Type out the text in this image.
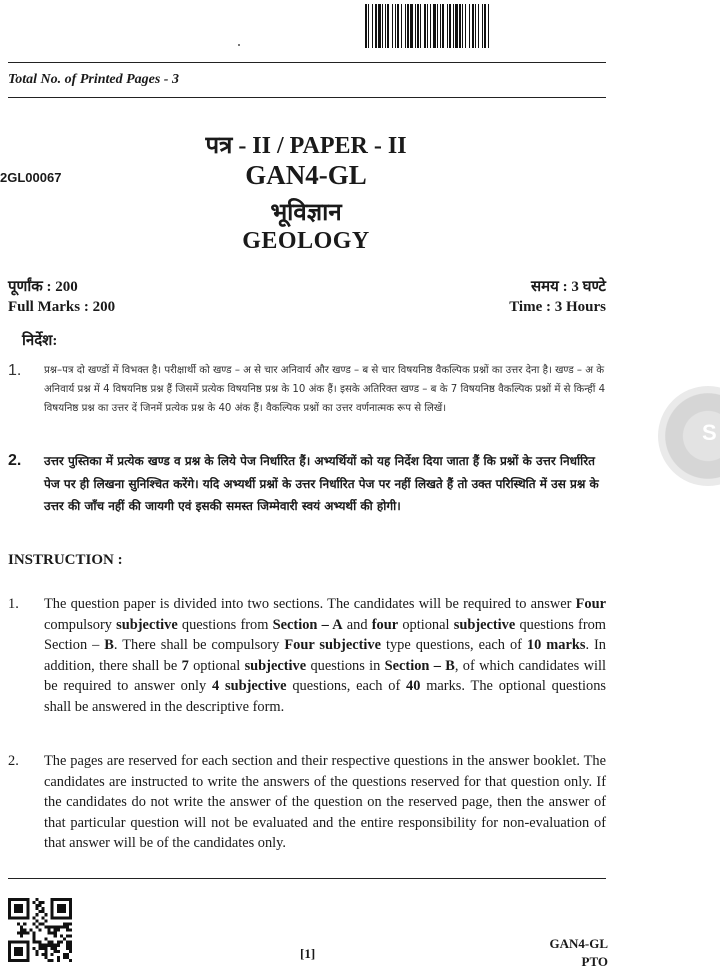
Total No. of Printed Pages - 3
पत्र - II / PAPER - II
2GL00067	GAN4-GL
भूविज्ञान
GEOLOGY
पूर्णांक : 200
Full Marks : 200
समय : 3 घण्टे
Time : 3 Hours
निर्देश:
1. प्रश्न–पत्र दो खण्डों में विभक्त है। परीक्षार्थी को खण्ड – अ से चार अनिवार्य और खण्ड – ब से चार विषयनिष्ठ वैकल्पिक प्रश्नों का उत्तर देना है। खण्ड – अ के अनिवार्य प्रश्न में 4 विषयनिष्ठ प्रश्न हैं जिसमें प्रत्येक विषयनिष्ठ प्रश्न के 10 अंक हैं। इसके अतिरिक्त खण्ड – ब के 7 विषयनिष्ठ वैकल्पिक प्रश्नों में से किन्हीं 4 विषयनिष्ठ प्रश्न का उत्तर दें जिनमें प्रत्येक प्रश्न के 40 अंक हैं। वैकल्पिक प्रश्नों का उत्तर वर्णनात्मक रूप से लिखें।
2. उत्तर पुस्तिका में प्रत्येक खण्ड व प्रश्न के लिये पेज निर्धारित हैं। अभ्यर्थियों को यह निर्देश दिया जाता हैं कि प्रश्नों के उत्तर निर्धारित पेज पर ही लिखना सुनिश्चित करेंगे। यदि अभ्यर्थी प्रश्नों के उत्तर निर्धारित पेज पर नहीं लिखते हैं तो उक्त परिस्थिति में उस प्रश्न के उत्तर की जाँच नहीं की जायगी एवं इसकी समस्त जिम्मेवारी स्वयं अभ्यर्थी की होगी।
S
INSTRUCTION :
1. The question paper is divided into two sections. The candidates will be required to answer Four compulsory subjective questions from Section – A and four optional subjective questions from Section – B. There shall be compulsory Four subjective type questions, each of 10 marks. In addition, there shall be 7 optional subjective questions in Section – B, of which candidates will be required to answer only 4 subjective questions, each of 40 marks. The optional questions shall be answered in the descriptive form.
2. The pages are reserved for each section and their respective questions in the answer booklet. The candidates are instructed to write the answers of the questions reserved for that question only. If the candidates do not write the answer of the question on the reserved page, then the answer of that particular question will not be evaluated and the entire responsibility for non-evaluation of that answer will be of the candidates only.
[1]
GAN4-GL
PTO
